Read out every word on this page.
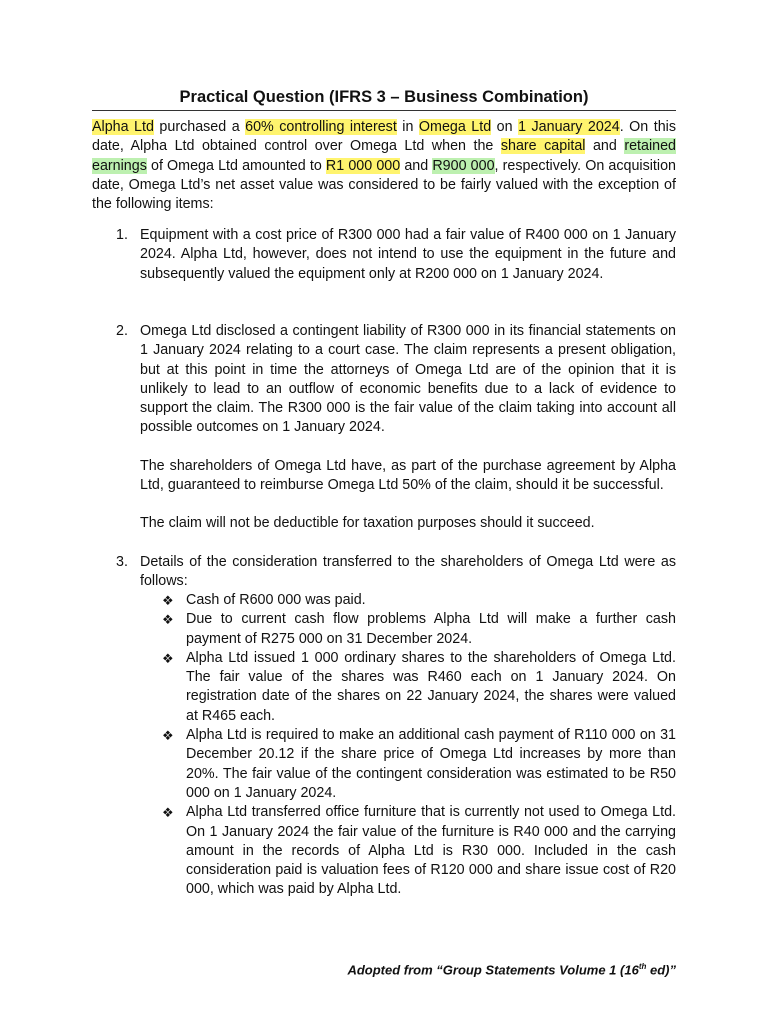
Practical Question (IFRS 3 – Business Combination)
Alpha Ltd purchased a 60% controlling interest in Omega Ltd on 1 January 2024. On this date, Alpha Ltd obtained control over Omega Ltd when the share capital and retained earnings of Omega Ltd amounted to R1 000 000 and R900 000, respectively. On acquisition date, Omega Ltd’s net asset value was considered to be fairly valued with the exception of the following items:
1. Equipment with a cost price of R300 000 had a fair value of R400 000 on 1 January 2024. Alpha Ltd, however, does not intend to use the equipment in the future and subsequently valued the equipment only at R200 000 on 1 January 2024.
2. Omega Ltd disclosed a contingent liability of R300 000 in its financial statements on 1 January 2024 relating to a court case. The claim represents a present obligation, but at this point in time the attorneys of Omega Ltd are of the opinion that it is unlikely to lead to an outflow of economic benefits due to a lack of evidence to support the claim. The R300 000 is the fair value of the claim taking into account all possible outcomes on 1 January 2024.
The shareholders of Omega Ltd have, as part of the purchase agreement by Alpha Ltd, guaranteed to reimburse Omega Ltd 50% of the claim, should it be successful.
The claim will not be deductible for taxation purposes should it succeed.
3. Details of the consideration transferred to the shareholders of Omega Ltd were as follows:
❖ Cash of R600 000 was paid.
❖ Due to current cash flow problems Alpha Ltd will make a further cash payment of R275 000 on 31 December 2024.
❖ Alpha Ltd issued 1 000 ordinary shares to the shareholders of Omega Ltd. The fair value of the shares was R460 each on 1 January 2024. On registration date of the shares on 22 January 2024, the shares were valued at R465 each.
❖ Alpha Ltd is required to make an additional cash payment of R110 000 on 31 December 20.12 if the share price of Omega Ltd increases by more than 20%. The fair value of the contingent consideration was estimated to be R50 000 on 1 January 2024.
❖ Alpha Ltd transferred office furniture that is currently not used to Omega Ltd. On 1 January 2024 the fair value of the furniture is R40 000 and the carrying amount in the records of Alpha Ltd is R30 000. Included in the cash consideration paid is valuation fees of R120 000 and share issue cost of R20 000, which was paid by Alpha Ltd.
Adopted from “Group Statements Volume 1 (16th ed)”
